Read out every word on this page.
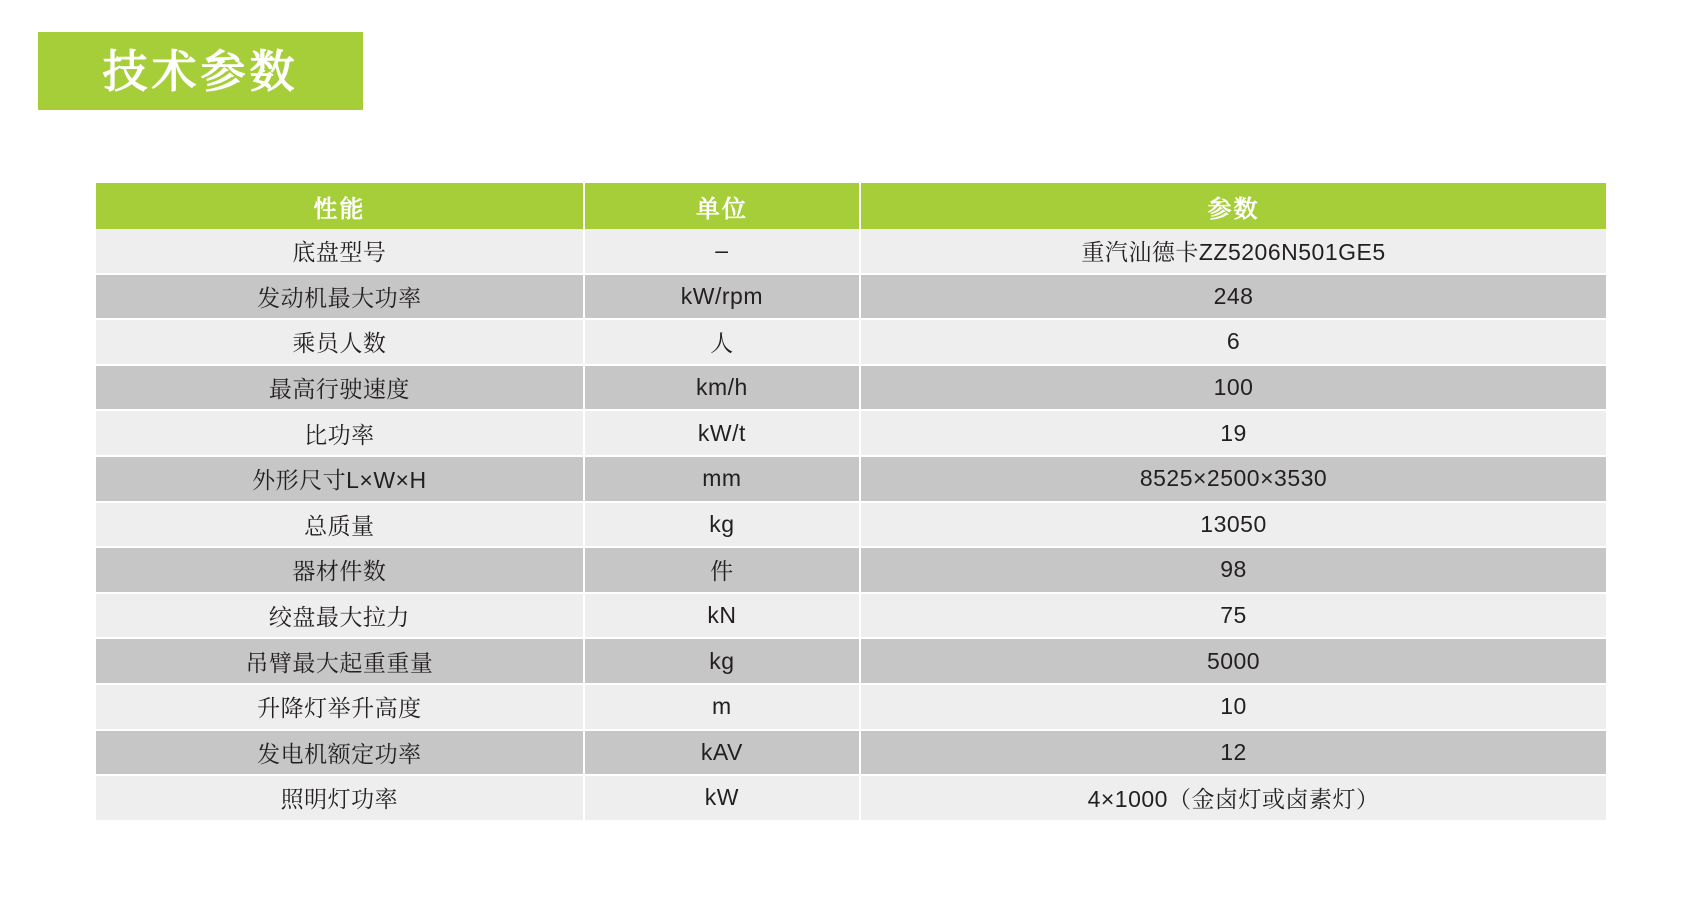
技术参数
性能	单位	参数
底盘型号	–	重汽汕德卡ZZ5206N501GE5
发动机最大功率	kW/rpm	248
乘员人数	人	6
最高行驶速度	km/h	100
比功率	kW/t	19
外形尺寸L×W×H	mm	8525×2500×3530
总质量	kg	13050
器材件数	件	98
绞盘最大拉力	kN	75
吊臂最大起重重量	kg	5000
升降灯举升高度	m	10
发电机额定功率	kAV	12
照明灯功率	kW	4×1000（金卤灯或卤素灯）
